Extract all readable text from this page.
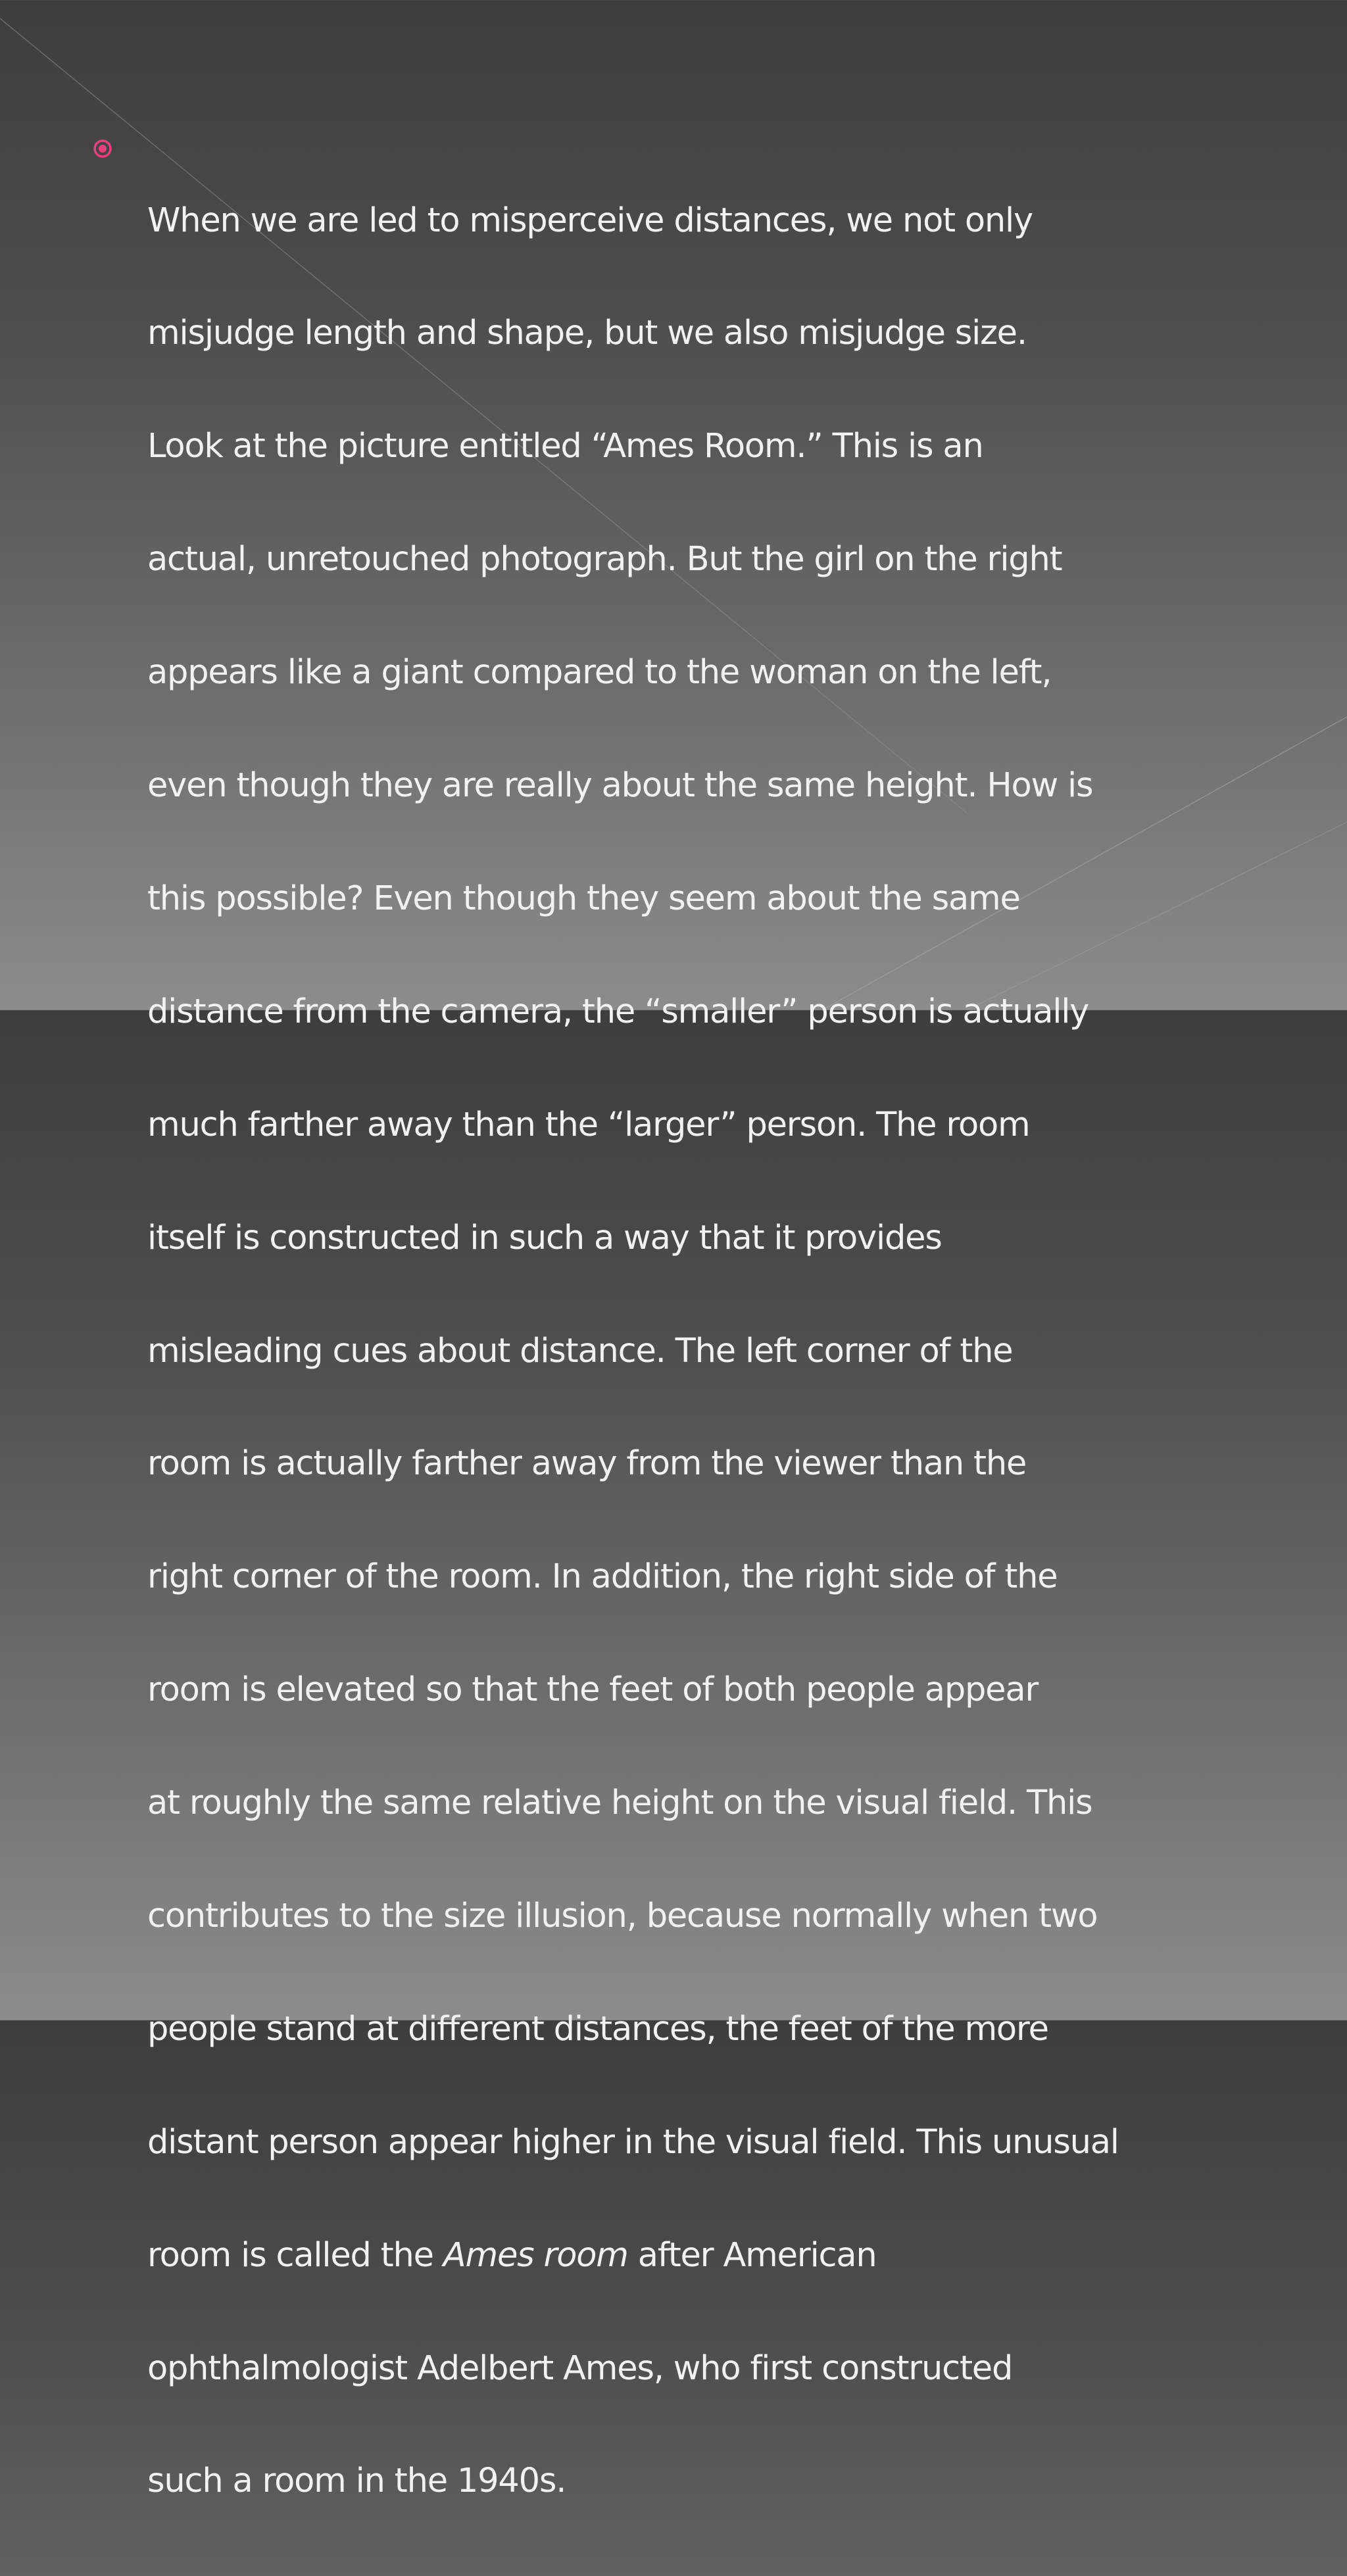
When we are led to misperceive distances, we not only

misjudge length and shape, but we also misjudge size.

Look at the picture entitled “Ames Room.” This is an

actual, unretouched photograph. But the girl on the right

appears like a giant compared to the woman on the left,

even though they are really about the same height. How is

this possible? Even though they seem about the same

distance from the camera, the “smaller” person is actually

much farther away than the “larger” person. The room

itself is constructed in such a way that it provides

misleading cues about distance. The left corner of the

room is actually farther away from the viewer than the

right corner of the room. In addition, the right side of the

room is elevated so that the feet of both people appear

at roughly the same relative height on the visual field. This

contributes to the size illusion, because normally when two

people stand at different distances, the feet of the more

distant person appear higher in the visual field. This unusual

room is called the Ames room after American

ophthalmologist Adelbert Ames, who first constructed

such a room in the 1940s.
